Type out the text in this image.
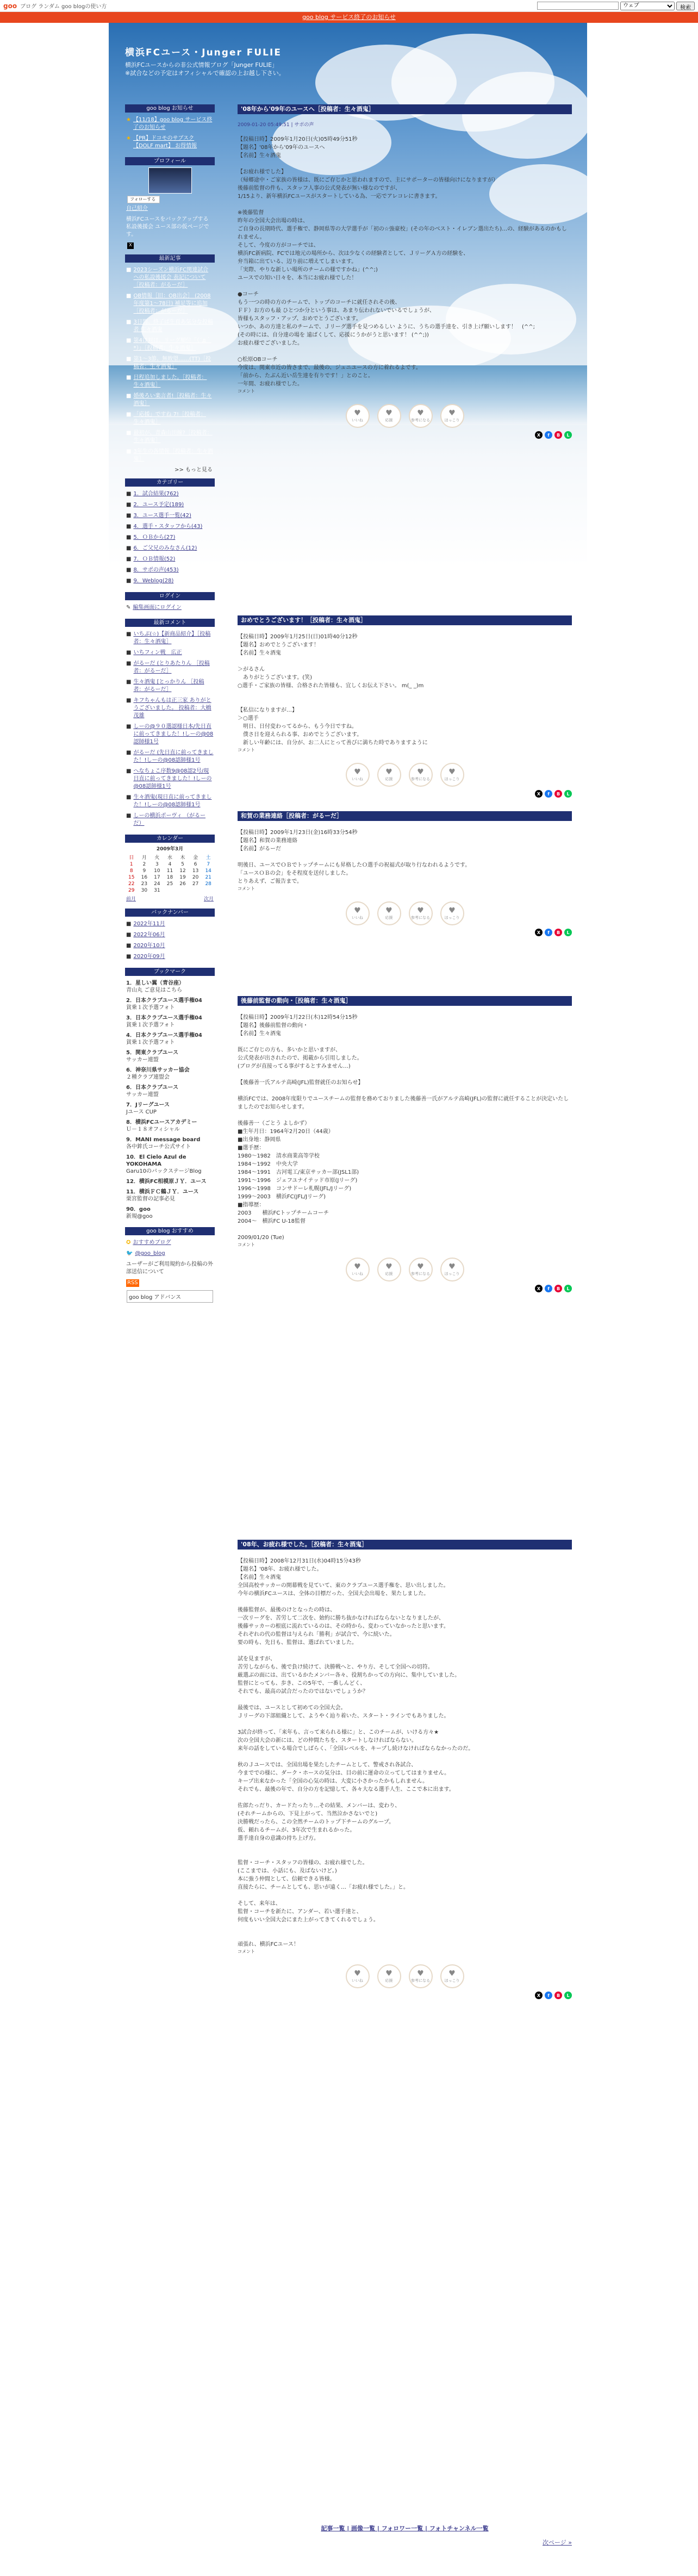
goo ブログ ランダム goo blogの使い方
ウェブ	検索
goo blog サービス終了のお知らせ
横浜FCユース・Junger FULIE

横浜FCユースからの非公式情報ブログ「Junger FULIE」
※試合などの予定はオフィシャルで確認の上お越し下さい。

goo blog お知らせ
★ 【11/18】goo blog サービス終了のお知らせ
★ 【PR】ドコモのサブスク【DOLF mart】 お得情報
プロフィール
フォローする
自己紹介
横浜FCユースをバックアップする私設後援会 ユース部の仮ページです。
X
最新記事
■ 2023シーズン横浜FC関連試合への私設後援会 表記について ［投稿者：がるーだ］
■ OB情報［旧：OB出会］ (2008年度第1～78日) 補足等に追加 ［投稿者：がるーだ］
■ 3日間、終了ば生頁あ気分な投稿者 生々酒鬼
■ 第4は対は、リーグ順位「（´д｀*）」［投稿者：生々酒鬼］
■ 第1～3節、無敗望……(TT)［投稿者：生々酒鬼］
■ 日程追加しました。［投稿者：生々酒鬼］
■ 婚後ろい楽言者!［投稿者：生々酒鬼］
■ 「応援」ですね 7!［投稿者：生々酒鬼］
■ 最初が、青森山田線?［投稿者：生々酒鬼］
■ 3年生の各情報［投稿者：生々酒鬼］
>> もっと見る
カテゴリー
■ 1．試合結果(762)
■ 2．ユース予定(189)
■ 3．ユース選手一覧(42)
■ 4．選手・スタッフから(43)
■ 5．ＯＢから(27)
■ 6．ご父兄のみなさん(12)
■ 7．ＯＢ情報(52)
■ 8．サポの声(453)
■ 9．Weblog(28)
ログイン
✎ 編集画面にログイン
最新コメント
■ いちぶ(☆)【新商品紹介】［投稿者：生々酒鬼］
■ いちフィン戦　広正
■ がるーだ (とりあたりん ［投稿者：がるーだ］
■ 生々酒鬼 [とっかりん ［投稿者：がるーだ］
■ キフちゃんもは正三家 ありがとうございました。 投稿者：大橋茂雄
■ しーの@９０選認様日本/先日直に前ってきました！!しーの@08認師様1号
■ がるーだ (先日直に前ってきました！!しーの@08認師様1号
■ へなちょこ序数9@08認2号/現日直に前ってきました！!しーの@08認師様1号
■ 生々酒鬼(現日直に前ってきました！!しーの@08認師様1号
■ しーの横浜ポーヴィ （がるーだ）
カレンダー
2009年3月
日	月	火	水	木	金	土
1	2	3	4	5	6	7
8	9	10	11	12	13	14
15	16	17	18	19	20	21
22	23	24	25	26	27	28
29	30	31				
前月	次月
バックナンバー
■ 2022年11月
■ 2022年06月
■ 2020年10月
■ 2020年09月
ブックマーク
1．星しい翼（青谷座）
青山丸 ご意見はこちら
2．日本クラブユース選手権04
貧乗１次予選フォト
3．日本クラブユース選手権04
貧乗１次予選フォト
4．日本クラブユース選手権04
貧乗１次予選フォト
5．関東クラブユース
サッカー連盟
6．神奈川県サッカー協会
２種クラブ連盟会
6．日本クラブユース
サッカー連盟
7．Jリーグユース
Jユース CUP
8．横浜FCユースアカデミー
Ｕ－１８オフィシャル
9．MANI message board
各中鉾氏コーチ公式サイト
10．El Cielo Azul de YOKOHAMA
Garu10のバックステージBlog
12．横浜FC相模原ＪＹ．ユース
11．横浜ＦＣ鶴ＪＹ．ユース
栗宮監督の記事必見
90．goo
新規@goo
goo blog おすすめ
✪ おすすめブログ
🐦 @goo_blog
ユーザーがご利用規約から投稿の外部送信について
RSS
goo blog アドバンス
'08年から'09年のユースへ［投稿者：生々酒鬼］
2009-01-20 05:49:51 | サポの声
【投稿日時】2009年1月20日(火)05時49分51秒
【題名】'08年から'09年のユースへ
【名前】生々酒鬼

【お疲れ様でした】
（帰郷途中・ご家族の皆様は、既にご存じかと思われますので、主にサポーターの皆様向けになりますが）
後藤前監督の件も、スタッフ人事の公式発表が無い様なのですが、
1/15より、新年横浜FCユースがスタートしている為、一応でアレコレに書きます。

※後藤監督
昨年の全国大会出場の時は、
ご自身の長期時代、選手権で、静岡県等の大学選手が「初の☆強豪校」(その年のベスト・イレブン選出たち)…の、経験があるのかもしれません。
そして、今度の方がコーチでは、
横浜FC新病院、FCでは地元の場所から、次は少なくの経験者として、ＪリーグＡ方の経験を、
弁当箱に出ている、辺り前に増えてしまいます。
「実際、やりな新しい場所のチームの様ですかね」(^^;)
ユースでの知い日々を、本当にお疲れ様でした！

●コーチ
もう一つの時の方のチームで、トップのコーチに就任されその後、
ＦＦ）お方のも最 ひとつか分という事は、あまり伝われないでいるでしょうが、
皆様もスタッフ・アップ、おめでとうございます。
いつか、あの方達と私のチームで、Ｊリーグ選手を見つめるしい ように、うちの選手達を、引き上げ願いします！　(^^;
(その時には、自分達の場を 遠ばくして、応援にうかがうと思います！ (^^;))
お疲れ様でございました。

○松原OBコーチ
今度は、関東市近の皆さまで、最後の、ジュニユースの方に着れるよです。
「前から、たぶん近い岳生達を有りです！」とのこと。
一年間、お疲れ様でした。
コメント
♥
いいね
♥
応援
♥
参考になる
♥
ほっこり
X	f	B	L
おめでとうございます！［投稿者：生々酒鬼］
【投稿日時】2009年1月25日(日)01時40分12秒
【題名】おめでとうございます！
【名前】生々酒鬼

＞がるさん
　ありがとうございます。(笑)
○選手・ご家族の皆様、合格された皆様も、宜しくお伝え下さい。 m(_ _)m

【私信になりますが…】
＞○選手
　明日、日付変わってるから、もう今日ですね。
　僕さ日を迎えられる事、おめでとうございます。
　新しい年齢には、自分が、お二人にとって善びに満ちた時でありますように
コメント
♥
いいね
♥
応援
♥
参考になる
♥
ほっこり
X	f	B	L
和賀の業務連絡［投稿者：がるーだ］
【投稿日時】2009年1月23日(金)16時33分54秒
【題名】和賀の業務連絡
【名前】がるーだ

明後日、ユースでＯＢでトップチームにも昇格したＯ選手の祝福式が取り行なわれるようです。
「ユースＯＢの会」をそ程度を送付しました。
とりあえず、ご報告まで。
コメント
♥
いいね
♥
応援
♥
参考になる
♥
ほっこり
X	f	B	L
後藤前監督の動向・［投稿者：生々酒鬼］
【投稿日時】2009年1月22日(木)12時54分15秒
【題名】後藤前監督の動向・
【名前】生々酒鬼

既にご存じの方も、多いかと思いますが、
公式発表が出されたので、掲載から引用しました。
(ブログが直接ってる事がするとすみません…)

【後藤善一氏アルテ高崎(JFL)監督就任のお知らせ】

横浜FCでは、2008年度限りでユースチームの監督を務めておりました後藤善一氏がアルテ高崎(JFL)の監督に就任することが決定いたしましたのでお知らせします。

後藤善一（ごとう よしかず）
■生年月日：1964年2月20日（44歳）
■出身地：静岡県
■選手歴：
1980～1982　清水商業高等学校
1984～1992　中央大学
1984～1991　古河電工/東京サッカー部(JSL1部)
1991～1996　ジェフユナイテッド市原(Jリーグ)
1996～1998　コンサドーレ札幌(JFL/Jリーグ)
1999～2003　横浜FC(JFL/Jリーグ)
■指導歴：
2003　　横浜FCトップチームコーチ
2004～　横浜FC U-18監督

2009/01/20 (Tue)
コメント
♥
いいね
♥
応援
♥
参考になる
♥
ほっこり
X	f	B	L
'08年、お疲れ様でした。［投稿者：生々酒鬼］
【投稿日時】2008年12月31日(水)04時15分43秒
【題名】'08年、お疲れ様でした。
【名前】生々酒鬼
全国高校サッカーの開幕戦を見ていて、東のクラブユース選手権を、思い出しました。
今年の横浜FCユースは、全体の目標だった、全国大会出場を、果たしました。

後藤監督が、最後のけとなったの時は、
一次リーグを、苦労して二次を、始約に勝ち抜かなければならないとなりましたが、
後藤サッカーの根底に流れているのは、その時から、変わっていなかったと思います。
それぞれの代の監督は与えられ「勝利」が試合で、今に続いた。
要の時も、先日も、監督は、選ばれていました。

試を見ますが、
苦労しながらも、後で負け続けて、決勝戦へと、やり方、そして全国への切符。
厳選ぶの面には、出ているかたメンバー各々、役割ちかっての方向に、集中していました。
監督にとっても、歩き、この5年で、一番しんどく、
それでも、最高の試合だったのではないでしょうか？

最後では、ユースとして初めての全国大会。
Ｊリーグの下部組織として、ようやく辿り着いた、スタート・ラインでもありました。

3試合が終って、「来年も、言って来られる様に」と、このチームが、いける方々★
次の全国大会の新には、どの仲間たちを、スタートしなければならない。
来年の話をしている場合でしばらく、「全国レベルを、キープし続けなければならなかったのだ。

秋のＪユースでは、全国出場を果たしたチームとして、警戒され各試合、
今まででの様に、ダーク・ホースの気分は、目の前に運命の立ってしてはまりません。
キープ出来なかった「全国の心気の時は、大変に小さかったかもしれません。
それでも、最後の年で、自分の方を記憶して、各々大なる選手人生、ここで本に出ます。

佐郎たっだり、カードたったり…その結果、メンバーは、変わり、
(それチームからの、下見上がって、当然泣かさないでと)
決勝戦だったら、この全然チームのトップ下チームのグループ。
仮、頼れるチームが、3年次で生まれるかった。
選手達自身の意識の持ち上げ方。

監督・コーチ・スタッフの皆様の、お疲れ様でした。
(ここまでは、小話にも、及ばないけど。)
本に強う仲間として、信頼できる皆様。
直接たらに、チームとしても、思いが遠く…「お疲れ様でした。」と。

そして、来年は、
監督・コーチを新たに、アンダー、若い選手達と、
何度もいい全国大会にまた上がってきてくれるでしょう。

頑張れ、横浜FCユース！
コメント
♥
いいね
♥
応援
♥
参考になる
♥
ほっこり
X	f	B	L
記事一覧 | 画像一覧 | フォロワー一覧 | フォトチャンネル一覧
次ページ »
